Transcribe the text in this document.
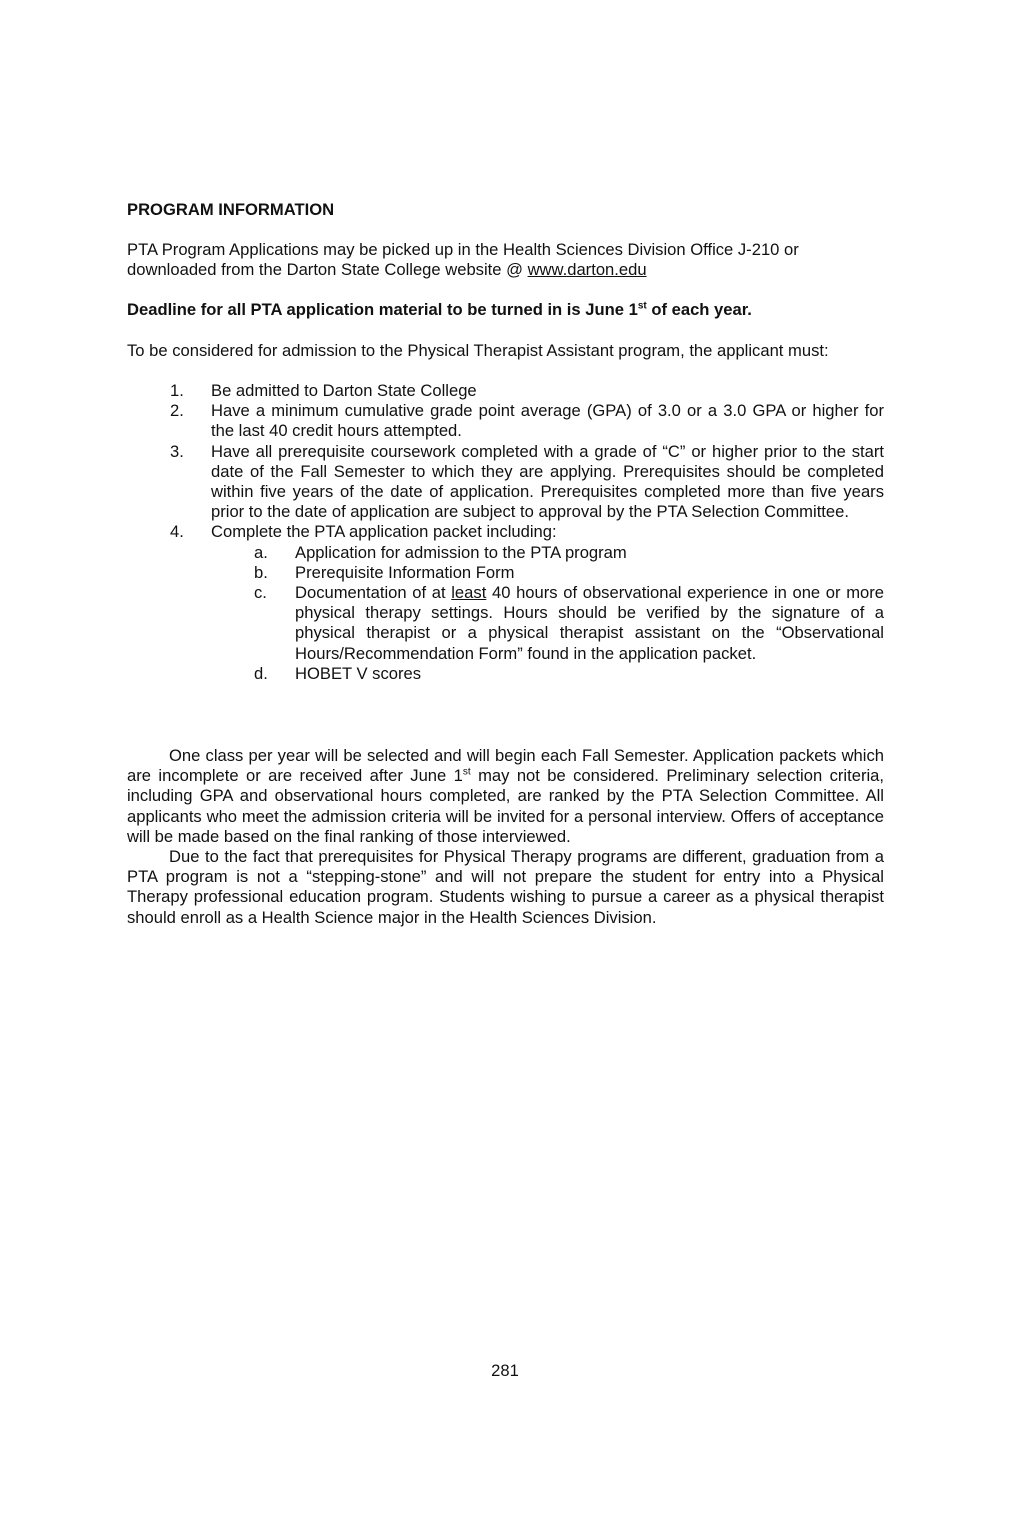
PROGRAM INFORMATION
PTA Program Applications may be picked up in the Health Sciences Division Office J-210 or downloaded from the Darton State College website @ www.darton.edu
Deadline for all PTA application material to be turned in is June 1st of each year.
To be considered for admission to the Physical Therapist Assistant program, the applicant must:
1. Be admitted to Darton State College
2. Have a minimum cumulative grade point average (GPA) of 3.0 or a 3.0 GPA or higher for the last 40 credit hours attempted.
3. Have all prerequisite coursework completed with a grade of “C” or higher prior to the start date of the Fall Semester to which they are applying. Prerequisites should be completed within five years of the date of application. Prerequisites completed more than five years prior to the date of application are subject to approval by the PTA Selection Committee.
4. Complete the PTA application packet including:
a. Application for admission to the PTA program
b. Prerequisite Information Form
c. Documentation of at least 40 hours of observational experience in one or more physical therapy settings. Hours should be verified by the signature of a physical therapist or a physical therapist assistant on the “Observational Hours/Recommendation Form” found in the application packet.
d. HOBET V scores
One class per year will be selected and will begin each Fall Semester. Application packets which are incomplete or are received after June 1st may not be considered. Preliminary selection criteria, including GPA and observational hours completed, are ranked by the PTA Selection Committee. All applicants who meet the admission criteria will be invited for a personal interview. Offers of acceptance will be made based on the final ranking of those interviewed.
Due to the fact that prerequisites for Physical Therapy programs are different, graduation from a PTA program is not a “stepping-stone” and will not prepare the student for entry into a Physical Therapy professional education program. Students wishing to pursue a career as a physical therapist should enroll as a Health Science major in the Health Sciences Division.
281
